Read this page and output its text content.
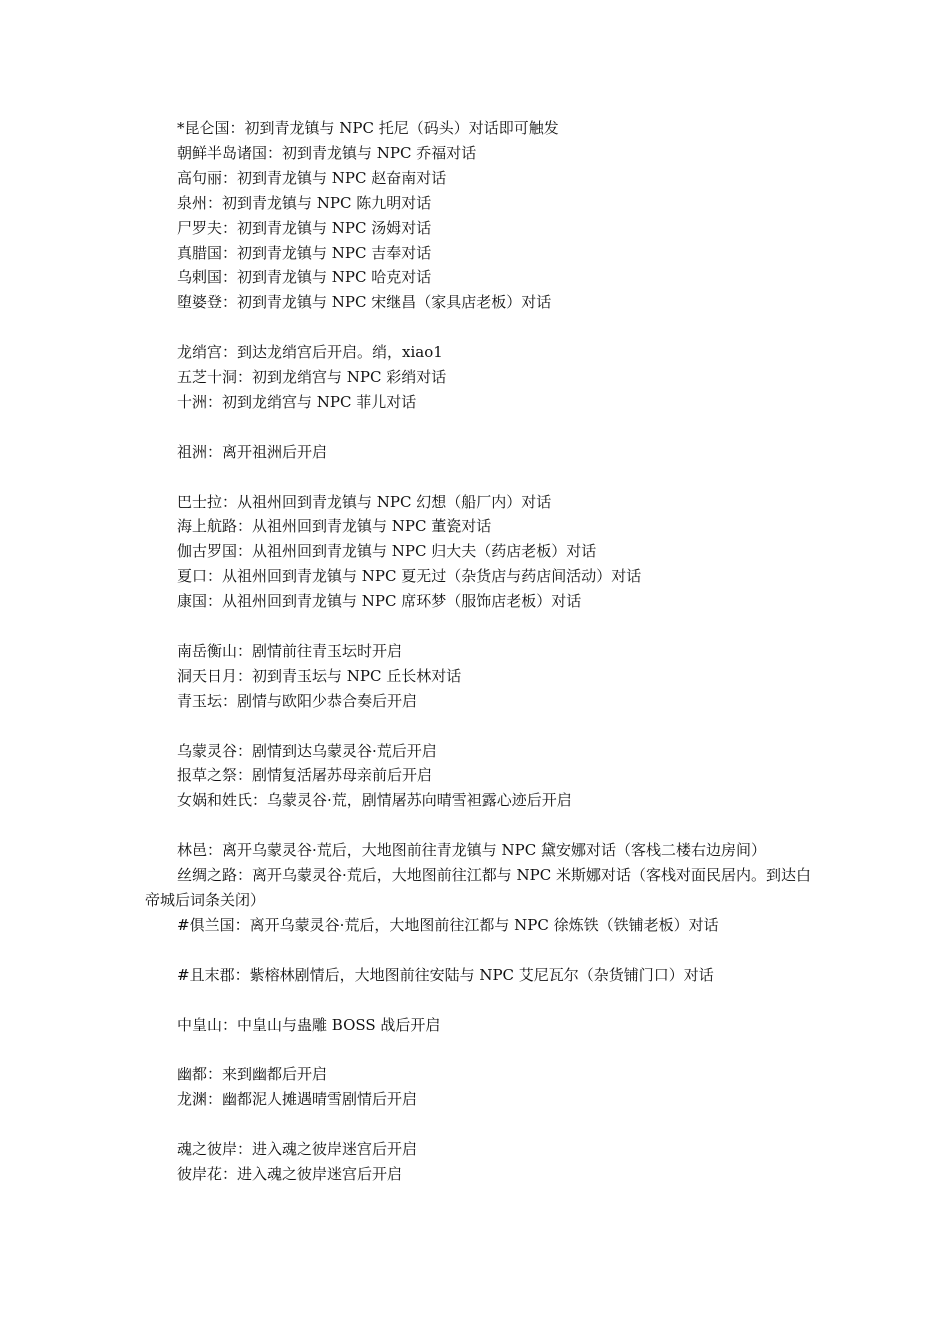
*昆仑国：初到青龙镇与 NPC 托尼（码头）对话即可触发
朝鲜半岛诸国：初到青龙镇与 NPC 乔福对话
高句丽：初到青龙镇与 NPC 赵奋南对话
泉州：初到青龙镇与 NPC 陈九明对话
尸罗夫：初到青龙镇与 NPC 汤姆对话
真腊国：初到青龙镇与 NPC 吉奉对话
乌剌国：初到青龙镇与 NPC 哈克对话
堕婆登：初到青龙镇与 NPC 宋继昌（家具店老板）对话
龙绡宫：到达龙绡宫后开启。绡，xiao1
五芝十洞：初到龙绡宫与 NPC 彩绡对话
十洲：初到龙绡宫与 NPC 菲儿对话
祖洲：离开祖洲后开启
巴士拉：从祖州回到青龙镇与 NPC 幻想（船厂内）对话
海上航路：从祖州回到青龙镇与 NPC 董瓷对话
伽古罗国：从祖州回到青龙镇与 NPC 归大夫（药店老板）对话
夏口：从祖州回到青龙镇与 NPC 夏无过（杂货店与药店间活动）对话
康国：从祖州回到青龙镇与 NPC 席环梦（服饰店老板）对话
南岳衡山：剧情前往青玉坛时开启
洞天日月：初到青玉坛与 NPC 丘长林对话
青玉坛：剧情与欧阳少恭合奏后开启
乌蒙灵谷：剧情到达乌蒙灵谷·荒后开启
报草之祭：剧情复活屠苏母亲前后开启
女娲和姓氏：乌蒙灵谷·荒，剧情屠苏向晴雪袒露心迹后开启
林邑：离开乌蒙灵谷·荒后，大地图前往青龙镇与 NPC 黛安娜对话（客栈二楼右边房间）
丝绸之路：离开乌蒙灵谷·荒后，大地图前往江都与 NPC 米斯娜对话（客栈对面民居内。到达白帝城后词条关闭）
#俱兰国：离开乌蒙灵谷·荒后，大地图前往江都与 NPC 徐炼铁（铁铺老板）对话
#且末郡：紫榕林剧情后，大地图前往安陆与 NPC 艾尼瓦尔（杂货铺门口）对话
中皇山：中皇山与蛊雕 BOSS 战后开启
幽都：来到幽都后开启
龙渊：幽都泥人摊遇晴雪剧情后开启
魂之彼岸：进入魂之彼岸迷宫后开启
彼岸花：进入魂之彼岸迷宫后开启
